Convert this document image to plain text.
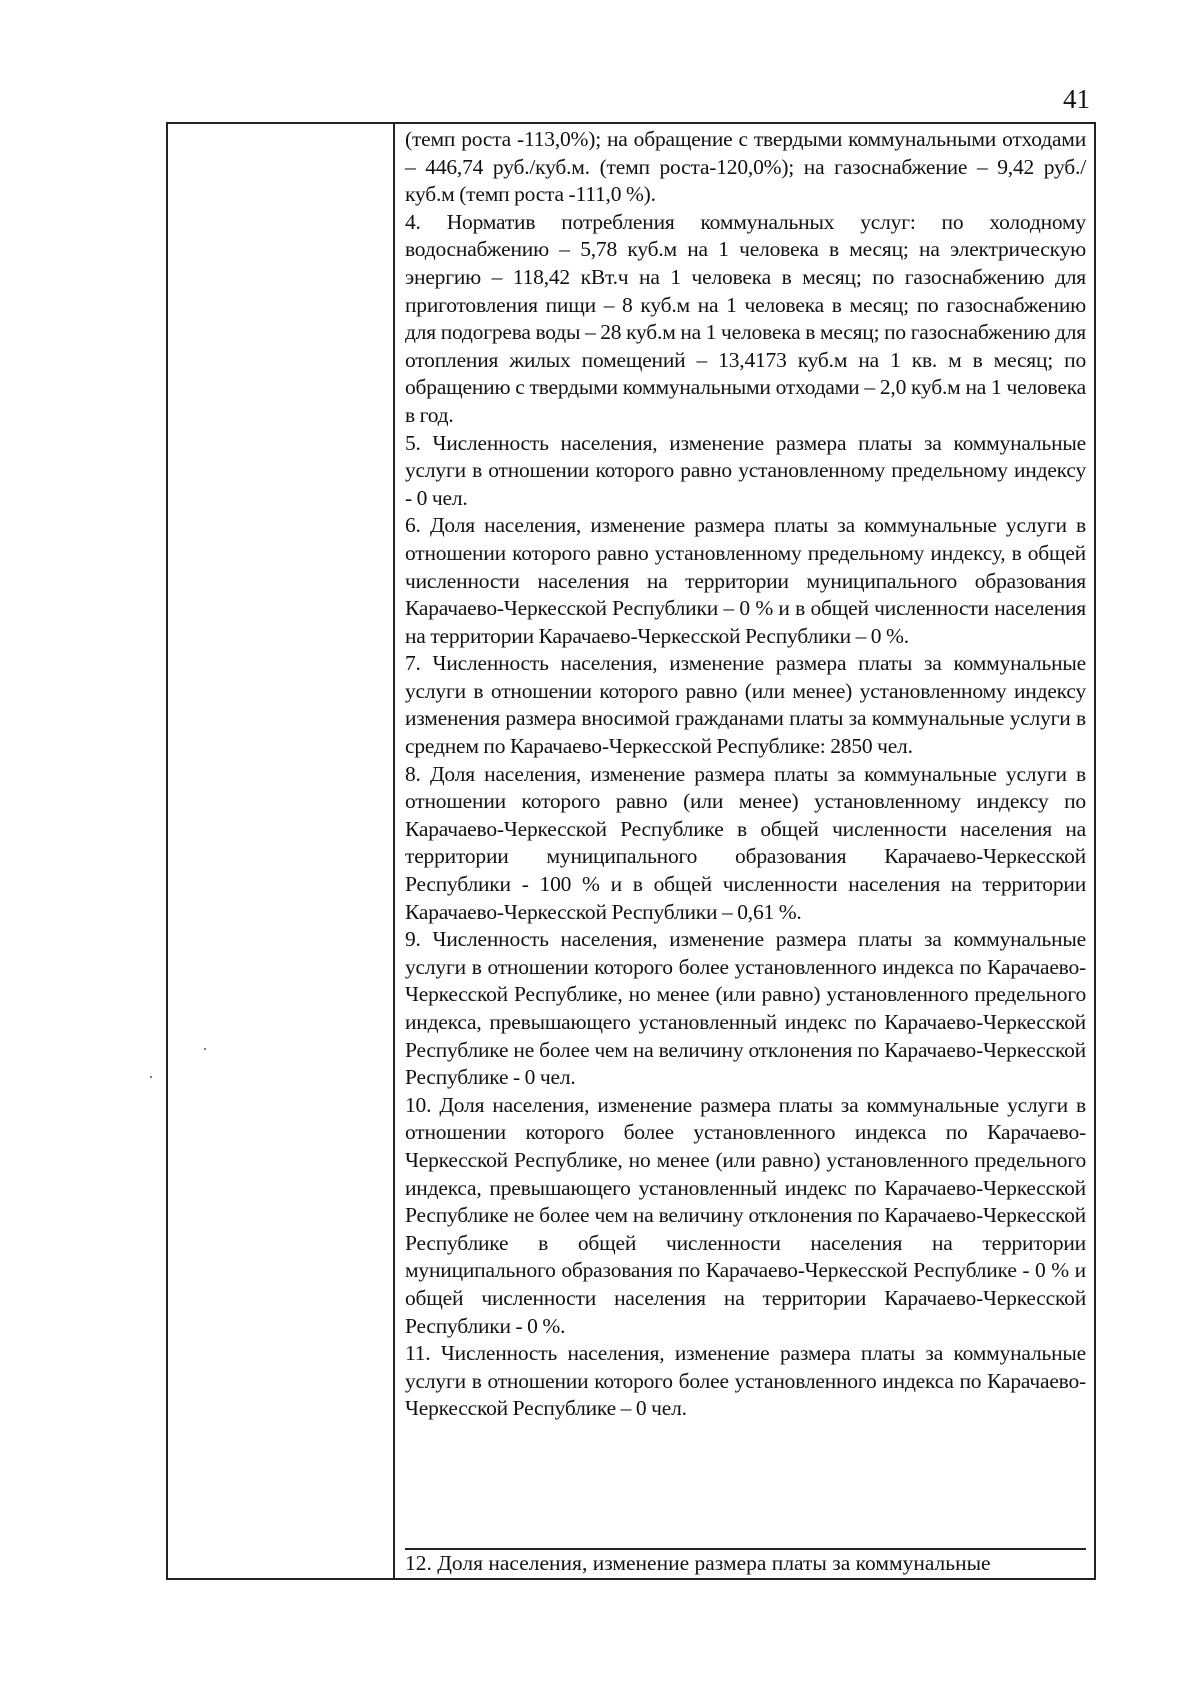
41

(темп роста -113,0%); на обращение с твердыми коммунальными отходами – 446,74 руб./куб.м. (темп роста-120,0%); на газоснабжение – 9,42 руб./куб.м (темп роста -111,0 %).

4. Норматив потребления коммунальных услуг: по холодному водоснабжению – 5,78 куб.м на 1 человека в месяц; на электрическую энергию – 118,42 кВт.ч на 1 человека в месяц; по газоснабжению для приготовления пищи – 8 куб.м на 1 человека в месяц; по газоснабжению для подогрева воды – 28 куб.м на 1 человека в месяц; по газоснабжению для отопления жилых помещений – 13,4173 куб.м на 1 кв. м в месяц; по обращению с твердыми коммунальными отходами – 2,0 куб.м на 1 человека в год.

5. Численность населения, изменение размера платы за коммунальные услуги в отношении которого равно установленному предельному индексу - 0 чел.

6. Доля населения, изменение размера платы за коммунальные услуги в отношении которого равно установленному предельному индексу, в общей численности населения на территории муниципального образования Карачаево-Черкесской Республики – 0 % и в общей численности населения на территории Карачаево-Черкесской Республики – 0 %.

7. Численность населения, изменение размера платы за коммунальные услуги в отношении которого равно (или менее) установленному индексу изменения размера вносимой гражданами платы за коммунальные услуги в среднем по Карачаево-Черкесской Республике: 2850 чел.

8. Доля населения, изменение размера платы за коммунальные услуги в отношении которого равно (или менее) установленному индексу по Карачаево-Черкесской Республике в общей численности населения на территории муниципального образования Карачаево-Черкесской Республики - 100 % и в общей численности населения на территории Карачаево-Черкесской Республики – 0,61 %.

9. Численность населения, изменение размера платы за коммунальные услуги в отношении которого более установленного индекса по Карачаево-Черкесской Республике, но менее (или равно) установленного предельного индекса, превышающего установленный индекс по Карачаево-Черкесской Республике не более чем на величину отклонения по Карачаево-Черкесской Республике - 0 чел.

10. Доля населения, изменение размера платы за коммунальные услуги в отношении которого более установленного индекса по Карачаево-Черкесской Республике, но менее (или равно) установленного предельного индекса, превышающего установленный индекс по Карачаево-Черкесской Республике не более чем на величину отклонения по Карачаево-Черкесской Республике в общей численности населения на территории муниципального образования по Карачаево-Черкесской Республике - 0 % и общей численности населения на территории Карачаево-Черкесской Республики - 0 %.

11. Численность населения, изменение размера платы за коммунальные услуги в отношении которого более установленного индекса по Карачаево-Черкесской Республике – 0 чел.

12. Доля населения, изменение размера платы за коммунальные
